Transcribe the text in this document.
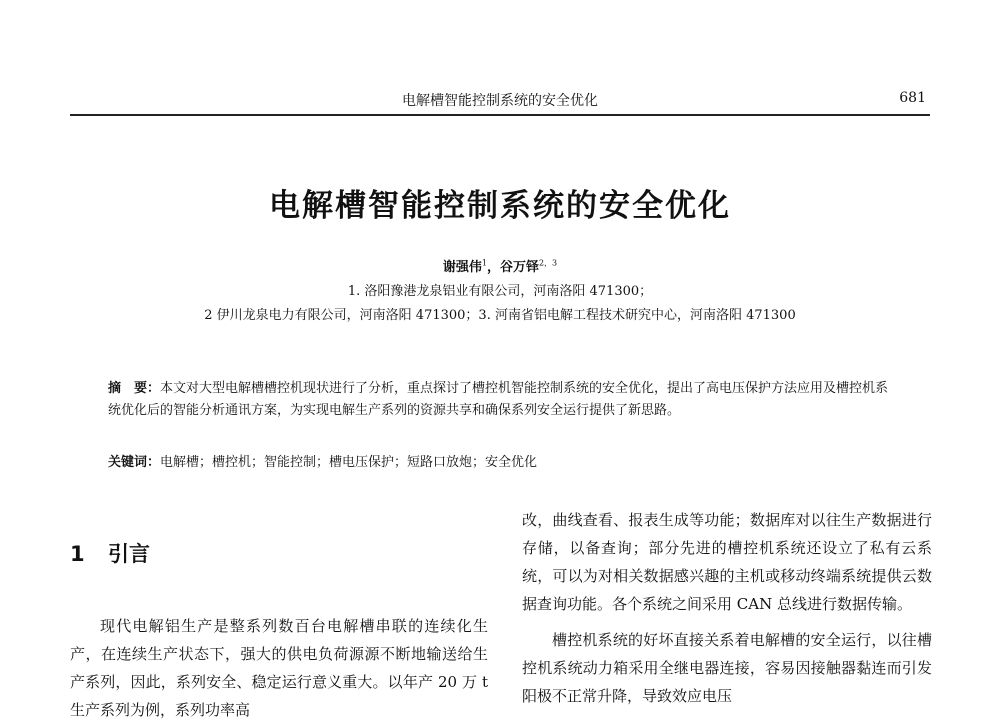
电解槽智能控制系统的安全优化	681
电解槽智能控制系统的安全优化
谢强伟$^1$，谷万铎$^{2,3}$
1. 洛阳豫港龙泉铝业有限公司，河南洛阳 471300；
2 伊川龙泉电力有限公司，河南洛阳 471300；3. 河南省铝电解工程技术研究中心，河南洛阳 471300

摘　要：本文对大型电解槽槽控机现状进行了分析，重点探讨了槽控机智能控制系统的安全优化，提出了高电压保护方法应用及槽控机系统优化后的智能分析通讯方案，为实现电解生产系列的资源共享和确保系列安全运行提供了新思路。

关键词：电解槽；槽控机；智能控制；槽电压保护；短路口放炮；安全优化

1 引言

现代电解铝生产是整系列数百台电解槽串联的连续化生产，在连续生产状态下，强大的供电负荷源源不断地输送给生产系列，因此，系列安全、稳定运行意义重大。以年产 20 万 t 生产系列为例，系列功率高

改，曲线查看、报表生成等功能；数据库对以往生产数据进行存储，以备查询；部分先进的槽控机系统还设立了私有云系统，可以为对相关数据感兴趣的主机或移动终端系统提供云数据查询功能。各个系统之间采用 CAN 总线进行数据传输。

槽控机系统的好坏直接关系着电解槽的安全运行，以往槽控机系统动力箱采用全继电器连接，容易因接触器黏连而引发阳极不正常升降，导致效应电压
